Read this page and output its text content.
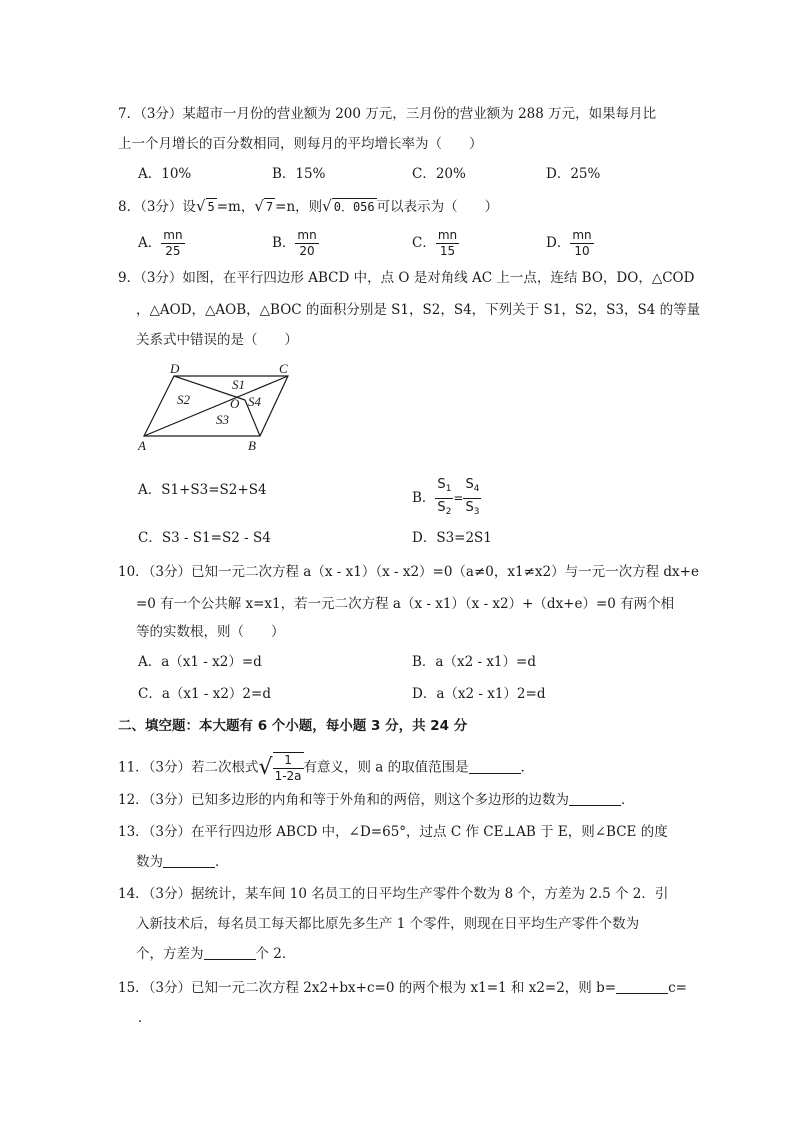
7．（3分）某超市一月份的营业额为 200 万元，三月份的营业额为 288 万元，如果每月比
上一个月增长的百分数相同，则每月的平均增长率为（　　）
A．10%	B．15%	C．20%	D．25%
8．（3分）设√ 5 =m，√ 7 =n，则√ 0．056 可以表示为（　　）
A． $\frac{mn}{25}$	B． $\frac{mn}{20}$	C． $\frac{mn}{15}$	D． $\frac{mn}{10}$
9．（3分）如图，在平行四边形 ABCD 中，点 O 是对角线 AC 上一点，连结 BO，DO，△COD
，△AOD，△AOB，△BOC 的面积分别是 S1，S2，S4，下列关于 S1，S2，S3，S4 的等量
关系式中错误的是（　　）
D	C
A	B
O
S1
S2
S3
S4
A．S1+S3=S2+S4	B． $\frac{S_1}{S_2} = \frac{S_4}{S_3}$
C．S3 - S1=S2 - S4	D．S3=2S1
10．（3分）已知一元二次方程 a（x - x1）（x - x2）=0（a≠0，x1≠x2）与一元一次方程 dx+e
=0 有一个公共解 x=x1，若一元二次方程 a（x - x1）（x - x2）+（dx+e）=0 有两个相
等的实数根，则（　　）
A．a（x1 - x2）=d	B．a（x2 - x1）=d
C．a（x1 - x2）2=d	D．a（x2 - x1）2=d
二、填空题：本大题有 6 个小题，每小题 3 分，共 24 分
11．（3分）若二次根式√ $\frac{1}{1-2a}$ 有意义，则 a 的取值范围是	．
12．（3分）已知多边形的内角和等于外角和的两倍，则这个多边形的边数为	．
13．（3分）在平行四边形 ABCD 中，∠D=65°，过点 C 作 CE⊥AB 于 E，则∠BCE 的度
数为	．
14．（3分）据统计，某车间 10 名员工的日平均生产零件个数为 8 个，方差为 2.5 个 2．引
入新技术后，每名员工每天都比原先多生产 1 个零件，则现在日平均生产零件个数为
个，方差为	个 2．
15．（3分）已知一元二次方程 2x2+bx+c=0 的两个根为 x1=1 和 x2=2，则 b=	c=
．
